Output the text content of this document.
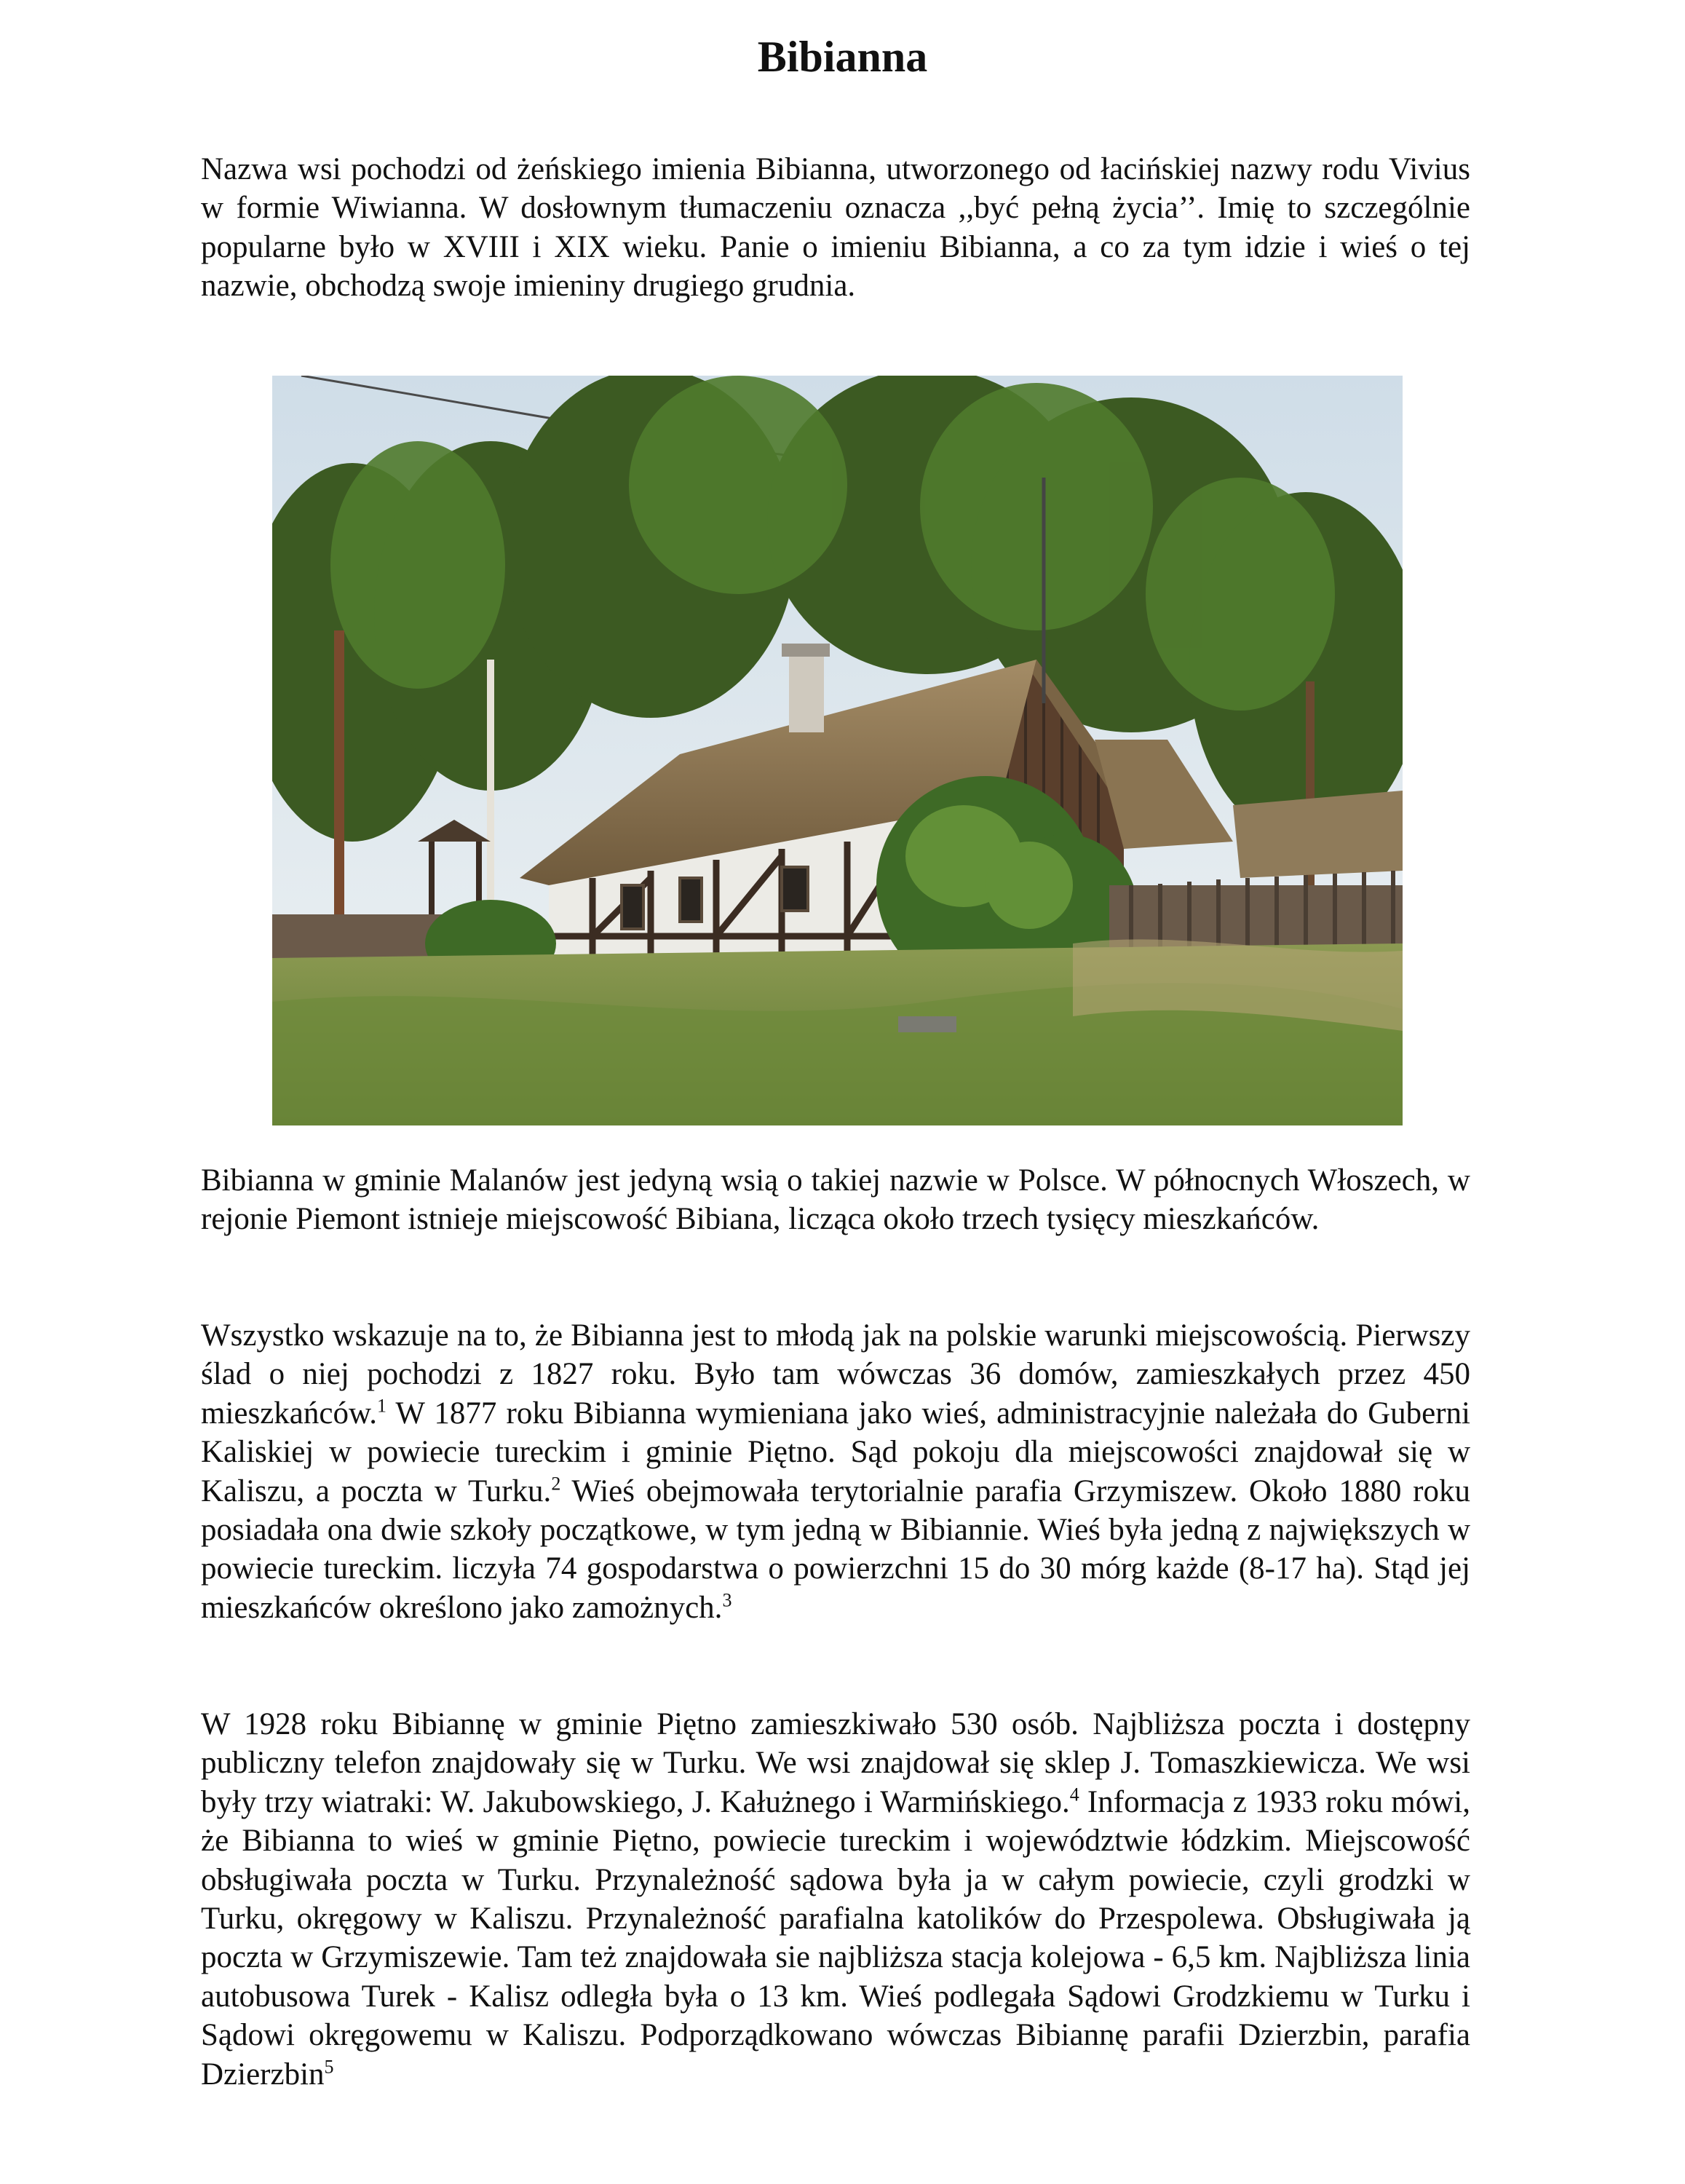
Bibianna

Nazwa wsi pochodzi od żeńskiego imienia Bibianna, utworzonego od łacińskiej nazwy rodu Vivius w formie Wiwianna. W dosłownym tłumaczeniu oznacza ,,być pełną życia’’. Imię to szczególnie popularne było w XVIII i XIX wieku. Panie o imieniu Bibianna, a co za tym idzie i wieś o tej nazwie, obchodzą swoje imieniny drugiego grudnia.

Bibianna w gminie Malanów jest jedyną wsią o takiej nazwie w Polsce. W północnych Włoszech, w rejonie Piemont istnieje miejscowość Bibiana, licząca około trzech tysięcy mieszkańców.

Wszystko wskazuje na to, że Bibianna jest to młodą jak na polskie warunki miejscowością. Pierwszy ślad o niej pochodzi z 1827 roku. Było tam wówczas 36 domów, zamieszkałych przez 450 mieszkańców.$^1$ W 1877 roku Bibianna wymieniana jako wieś, administracyjnie należała do Guberni Kaliskiej w powiecie tureckim i gminie Piętno. Sąd pokoju dla miejscowości znajdował się w Kaliszu, a poczta w Turku.$^2$ Wieś obejmowała terytorialnie parafia Grzymiszew. Około 1880 roku posiadała ona dwie szkoły początkowe, w tym jedną w Bibiannie. Wieś była jedną z największych w powiecie tureckim. liczyła 74 gospodarstwa o powierzchni 15 do 30 mórg każde (8-17 ha). Stąd jej mieszkańców określono jako zamożnych.$^3$

W 1928 roku Bibiannę w gminie Piętno zamieszkiwało 530 osób. Najbliższa poczta i dostępny publiczny telefon znajdowały się w Turku. We wsi znajdował się sklep J. Tomaszkiewicza. We wsi były trzy wiatraki: W. Jakubowskiego, J. Kałużnego i Warmińskiego.$^4$ Informacja z 1933 roku mówi, że Bibianna to wieś w gminie Piętno, powiecie tureckim i województwie łódzkim. Miejscowość obsługiwała poczta w Turku. Przynależność sądowa była ja w całym powiecie, czyli grodzki w Turku, okręgowy w Kaliszu. Przynależność parafialna katolików do Przespolewa. Obsługiwała ją poczta w Grzymiszewie. Tam też znajdowała sie najbliższa stacja kolejowa - 6,5 km. Najbliższa linia autobusowa Turek - Kalisz odległa była o 13 km. Wieś podlegała Sądowi Grodzkiemu w Turku i Sądowi okręgowemu w Kaliszu. Podporządkowano wówczas Bibiannę parafii Dzierzbin, parafia Dzierzbin$^5$
